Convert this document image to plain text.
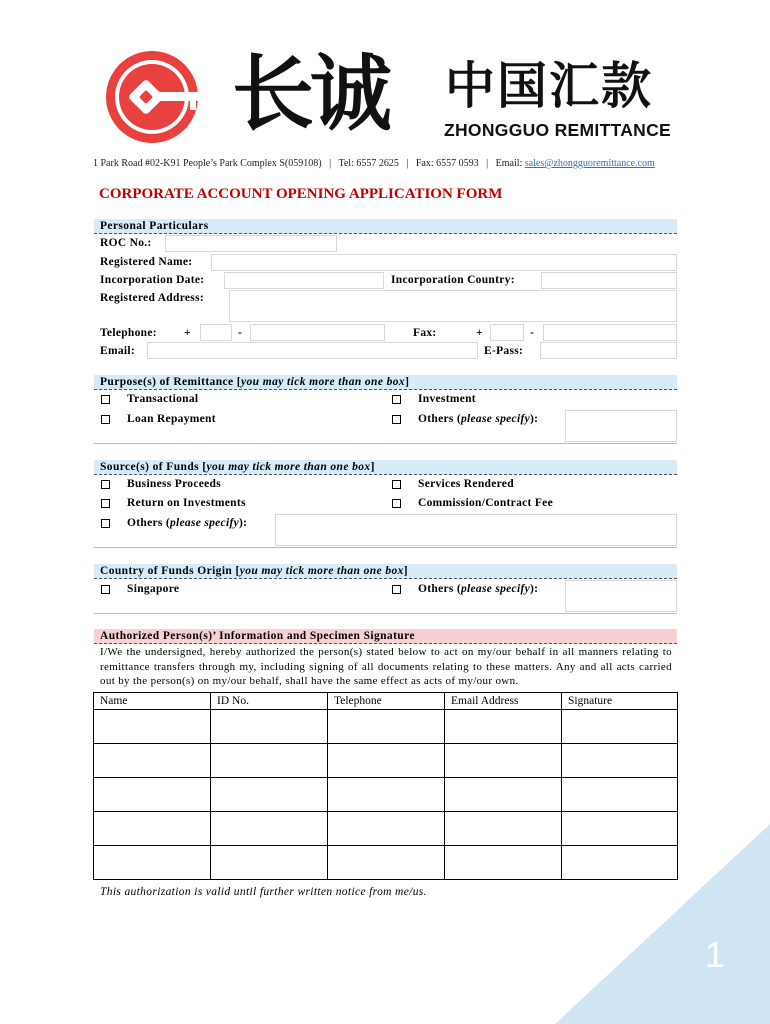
1
长诚 中国汇款
ZHONGGUO REMITTANCE
1 Park Road #02-K91 People’s Park Complex S(059108) | Tel: 6557 2625 | Fax: 6557 0593 | Email: sales@zhongguoremittance.com
CORPORATE ACCOUNT OPENING APPLICATION FORM
Personal Particulars
ROC No.:
Registered Name:
Incorporation Date:	Incorporation Country:
Registered Address:
Telephone: +	-	Fax:	+	-
Email:	E-Pass:
Purpose(s) of Remittance [you may tick more than one box]
Transactional	Investment
Loan Repayment	Others (please specify):
Source(s) of Funds [you may tick more than one box]
Business Proceeds	Services Rendered
Return on Investments	Commission/Contract Fee
Others (please specify):
Country of Funds Origin [you may tick more than one box]
Singapore	Others (please specify):
Authorized Person(s)’ Information and Specimen Signature
I/We the undersigned, hereby authorized the person(s) stated below to act on my/our behalf in all manners relating to remittance transfers through my, including signing of all documents relating to these matters. Any and all acts carried out by the person(s) on my/our behalf, shall have the same effect as acts of my/our own.
Name	ID No.	Telephone	Email Address	Signature

This authorization is valid until further written notice from me/us.
